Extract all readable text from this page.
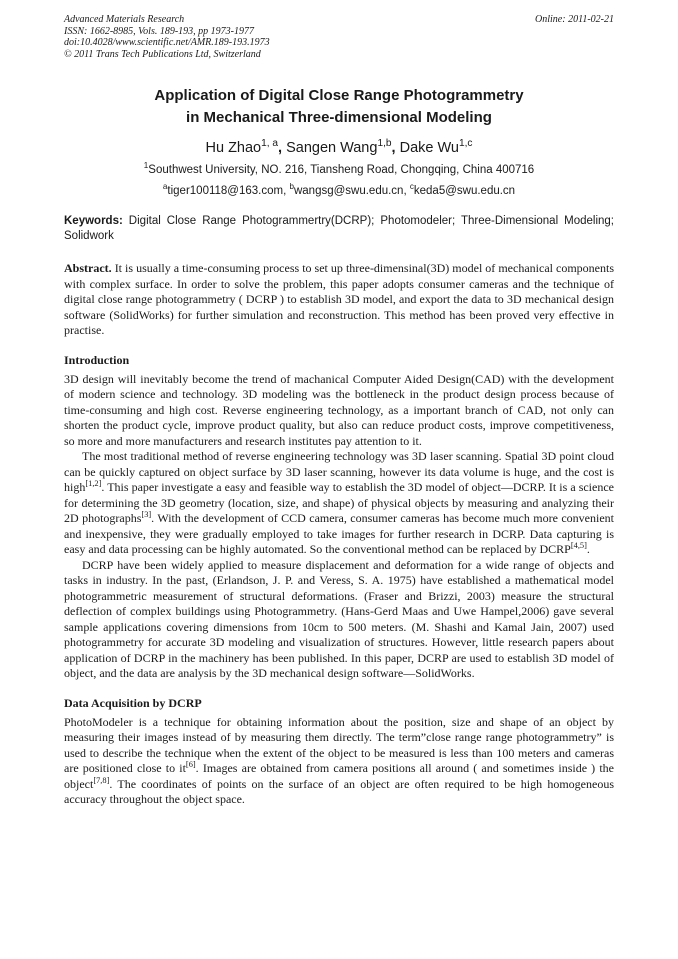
Advanced Materials Research
ISSN: 1662-8985, Vols. 189-193, pp 1973-1977
doi:10.4028/www.scientific.net/AMR.189-193.1973
© 2011 Trans Tech Publications Ltd, Switzerland
Online: 2011-02-21
Application of Digital Close Range Photogrammetry
in Mechanical Three-dimensional Modeling
Hu Zhao$^{1, a}$, Sangen Wang$^{1,b}$, Dake Wu$^{1,c}$
$^1$Southwest University, NO. 216, Tiansheng Road, Chongqing, China 400716
$^a$tiger100118@163.com, $^b$wangsg@swu.edu.cn, $^c$keda5@swu.edu.cn
Keywords: Digital Close Range Photogrammertry(DCRP); Photomodeler; Three-Dimensional Modeling; Solidwork
Abstract. It is usually a time-consuming process to set up three-dimensinal(3D) model of mechanical components with complex surface. In order to solve the problem, this paper adopts consumer cameras and the technique of digital close range photogrammetry ( DCRP ) to establish 3D model, and export the data to 3D mechanical design software (SolidWorks) for further simulation and reconstruction. This method has been proved very effective in practise.
Introduction

3D design will inevitably become the trend of machanical Computer Aided Design(CAD) with the development of modern science and technology. 3D modeling was the bottleneck in the product design process because of time-consuming and high cost. Reverse engineering technology, as a important branch of CAD, not only can shorten the product cycle, improve product quality, but also can reduce product costs, improve competitiveness, so more and more manufacturers and research institutes pay attention to it.

The most traditional method of reverse engineering technology was 3D laser scanning. Spatial 3D point cloud can be quickly captured on object surface by 3D laser scanning, however its data volume is huge, and the cost is high[1,2]. This paper investigate a easy and feasible way to establish the 3D model of object—DCRP. It is a science for determining the 3D geometry (location, size, and shape) of physical objects by measuring and analyzing their 2D photographs[3]. With the development of CCD camera, consumer cameras has become much more convenient and inexpensive, they were gradually employed to take images for further research in DCRP. Data capturing is easy and data processing can be highly automated. So the conventional method can be replaced by DCRP[4,5].

DCRP have been widely applied to measure displacement and deformation for a wide range of objects and tasks in industry. In the past, (Erlandson, J. P. and Veress, S. A. 1975) have established a mathematical model photogrammetric measurement of structural deformations. (Fraser and Brizzi, 2003) measure the structural deflection of complex buildings using Photogrammetry. (Hans-Gerd Maas and Uwe Hampel,2006) gave several sample applications covering dimensions from 10cm to 500 meters. (M. Shashi and Kamal Jain, 2007) used photogrammetry for accurate 3D modeling and visualization of structures. However, little research papers about application of DCRP in the machinery has been published. In this paper, DCRP are used to establish 3D model of object, and the data are analysis by the 3D mechanical design software—SolidWorks.

Data Acquisition by DCRP

PhotoModeler is a technique for obtaining information about the position, size and shape of an object by measuring their images instead of by measuring them directly. The term”close range range photogrammetry” is used to describe the technique when the extent of the object to be measured is less than 100 meters and cameras are positioned close to it[6]. Images are obtained from camera positions all around ( and sometimes inside ) the object[7,8]. The coordinates of points on the surface of an object are often required to be high homogeneous accuracy throughout the object space.
